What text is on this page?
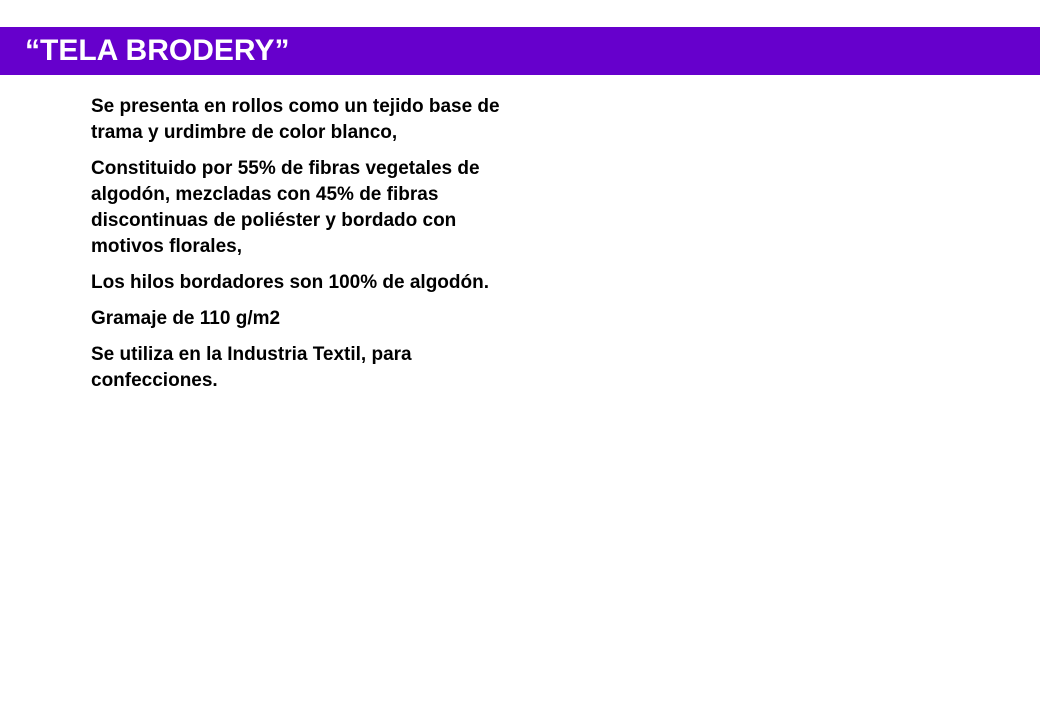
“TELA BRODERY”

Se presenta en rollos como un tejido base de trama y urdimbre de color blanco,

Constituido por 55% de fibras vegetales de algodón, mezcladas con 45% de fibras discontinuas de poliéster y bordado con motivos florales,

Los hilos bordadores son 100% de algodón.

Gramaje de 110 g/m2

Se utiliza en la Industria Textil, para confecciones.
